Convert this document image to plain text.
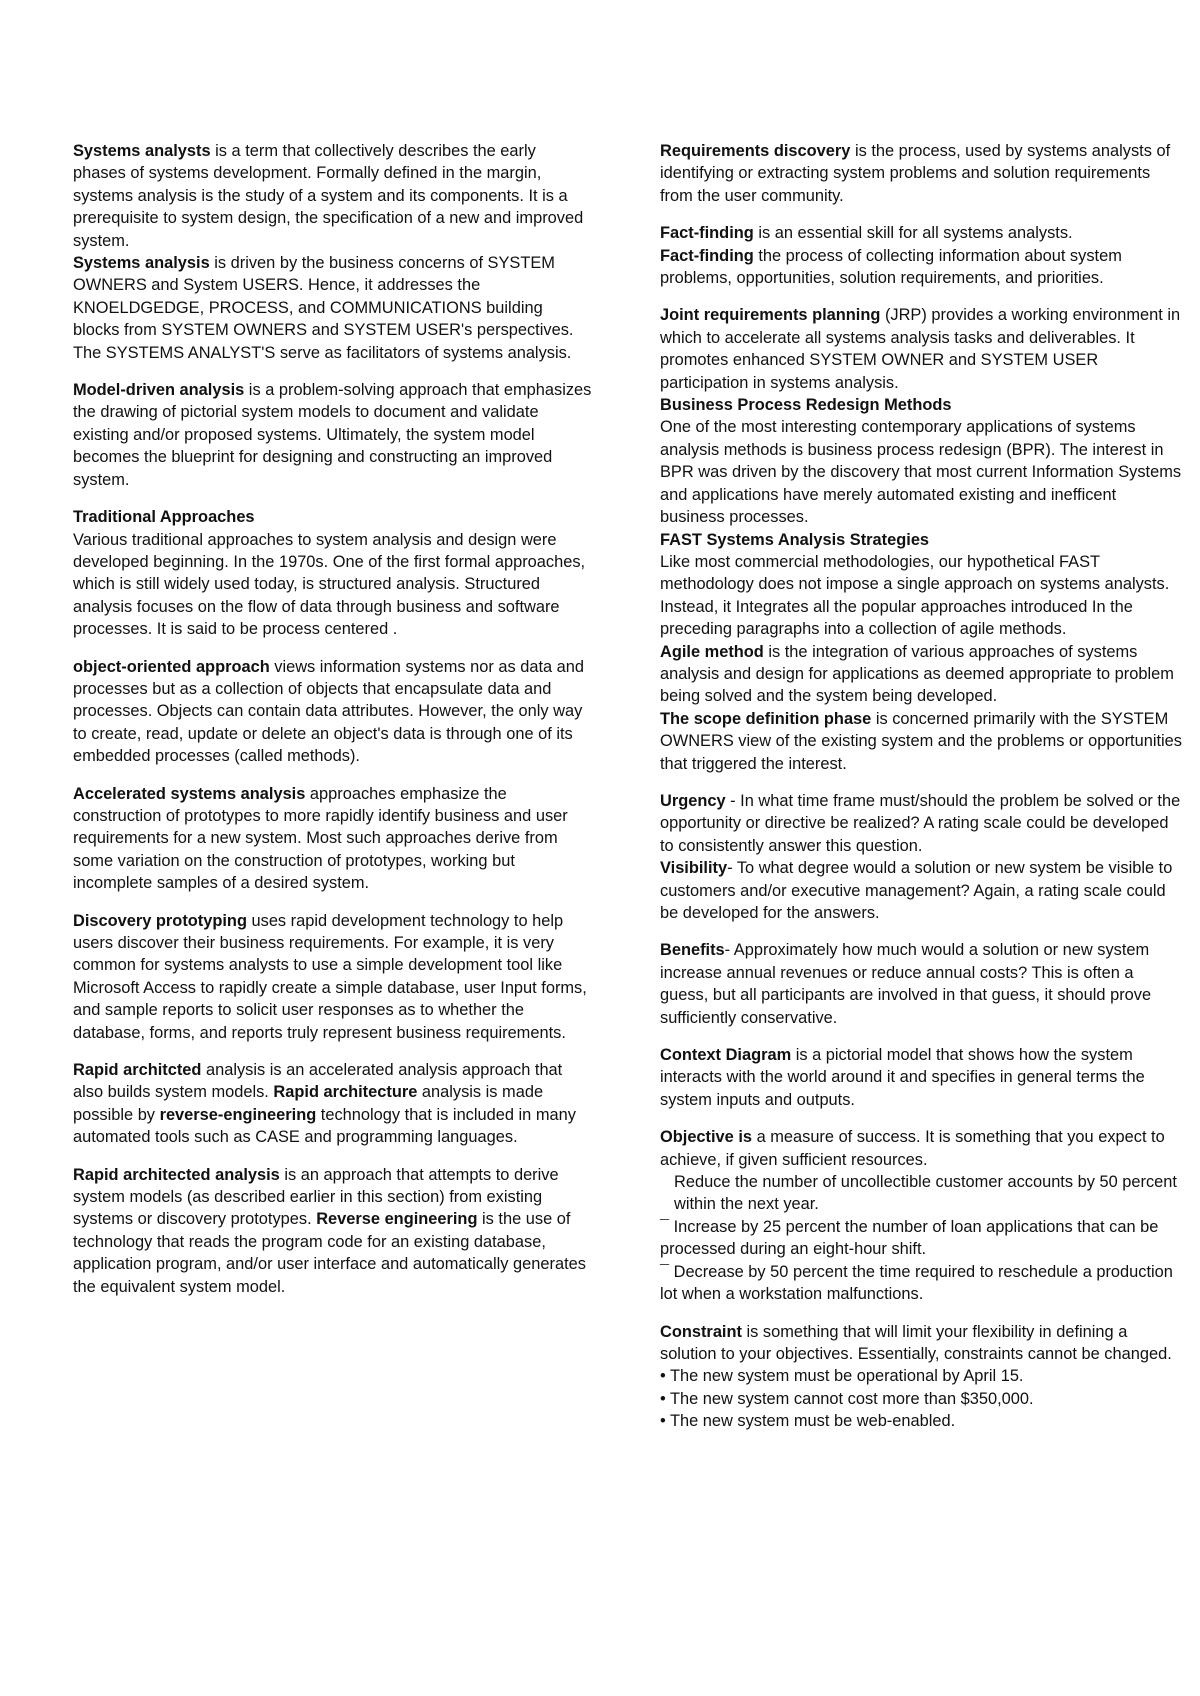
Systems analysts is a term that collectively describes the early phases of systems development. Formally defined in the margin, systems analysis is the study of a system and its components. It is a prerequisite to system design, the specification of a new and improved system.

Systems analysis is driven by the business concerns of SYSTEM OWNERS and System USERS. Hence, it addresses the KNOELDGEDGE, PROCESS, and COMMUNICATIONS building blocks from SYSTEM OWNERS and SYSTEM USER's perspectives. The SYSTEMS ANALYST'S serve as facilitators of systems analysis.

Model-driven analysis is a problem-solving approach that emphasizes the drawing of pictorial system models to document and validate existing and/or proposed systems. Ultimately, the system model becomes the blueprint for designing and constructing an improved system.

Traditional Approaches
Various traditional approaches to system analysis and design were developed beginning. In the 1970s. One of the first formal approaches, which is still widely used today, is structured analysis. Structured analysis focuses on the flow of data through business and software processes. It is said to be process centered .

object-oriented approach views information systems nor as data and processes but as a collection of objects that encapsulate data and processes. Objects can contain data attributes. However, the only way to create, read, update or delete an object's data is through one of its embedded processes (called methods).

Accelerated systems analysis approaches emphasize the construction of prototypes to more rapidly identify business and user requirements for a new system. Most such approaches derive from some variation on the construction of prototypes, working but incomplete samples of a desired system.

Discovery prototyping uses rapid development technology to help users discover their business requirements. For example, it is very common for systems analysts to use a simple development tool like Microsoft Access to rapidly create a simple database, user Input forms, and sample reports to solicit user responses as to whether the database, forms, and reports truly represent business requirements.

Rapid architcted analysis is an accelerated analysis approach that also builds system models. Rapid architecture analysis is made possible by reverse-engineering technology that is included in many automated tools such as CASE and programming languages.

Rapid architected analysis is an approach that attempts to derive system models (as described earlier in this section) from existing systems or discovery prototypes. Reverse engineering is the use of technology that reads the program code for an existing database, application program, and/or user interface and automatically generates the equivalent system model.

Requirements discovery is the process, used by systems analysts of identifying or extracting system problems and solution requirements from the user community.

Fact-finding is an essential skill for all systems analysts.
Fact-finding the process of collecting information about system problems, opportunities, solution requirements, and priorities.

Joint requirements planning (JRP) provides a working environment in which to accelerate all systems analysis tasks and deliverables. It promotes enhanced SYSTEM OWNER and SYSTEM USER participation in systems analysis.

Business Process Redesign Methods
One of the most interesting contemporary applications of systems analysis methods is business process redesign (BPR). The interest in BPR was driven by the discovery that most current Information Systems and applications have merely automated existing and inefficent business processes.

FAST Systems Analysis Strategies
Like most commercial methodologies, our hypothetical FAST methodology does not impose a single approach on systems analysts. Instead, it Integrates all the popular approaches introduced In the preceding paragraphs into a collection of agile methods.

Agile method is the integration of various approaches of systems analysis and design for applications as deemed appropriate to problem being solved and the system being developed.

The scope definition phase is concerned primarily with the SYSTEM OWNERS view of the existing system and the problems or opportunities that triggered the interest.

Urgency - In what time frame must/should the problem be solved or the opportunity or directive be realized? A rating scale could be developed to consistently answer this question.

Visibility- To what degree would a solution or new system be visible to customers and/or executive management? Again, a rating scale could be developed for the answers.

Benefits- Approximately how much would a solution or new system increase annual revenues or reduce annual costs? This is often a guess, but all participants are involved in that guess, it should prove sufficiently conservative.

Context Diagram is a pictorial model that shows how the system interacts with the world around it and specifies in general terms the system inputs and outputs.

Objective is a measure of success. It is something that you expect to achieve, if given sufficient resources.
Reduce the number of uncollectible customer accounts by 50 percent within the next year.
¯ Increase by 25 percent the number of loan applications that can be processed during an eight-hour shift.
¯ Decrease by 50 percent the time required to reschedule a production lot when a workstation malfunctions.

Constraint is something that will limit your flexibility in defining a solution to your objectives. Essentially, constraints cannot be changed.
• The new system must be operational by April 15.
• The new system cannot cost more than $350,000.
• The new system must be web-enabled.
